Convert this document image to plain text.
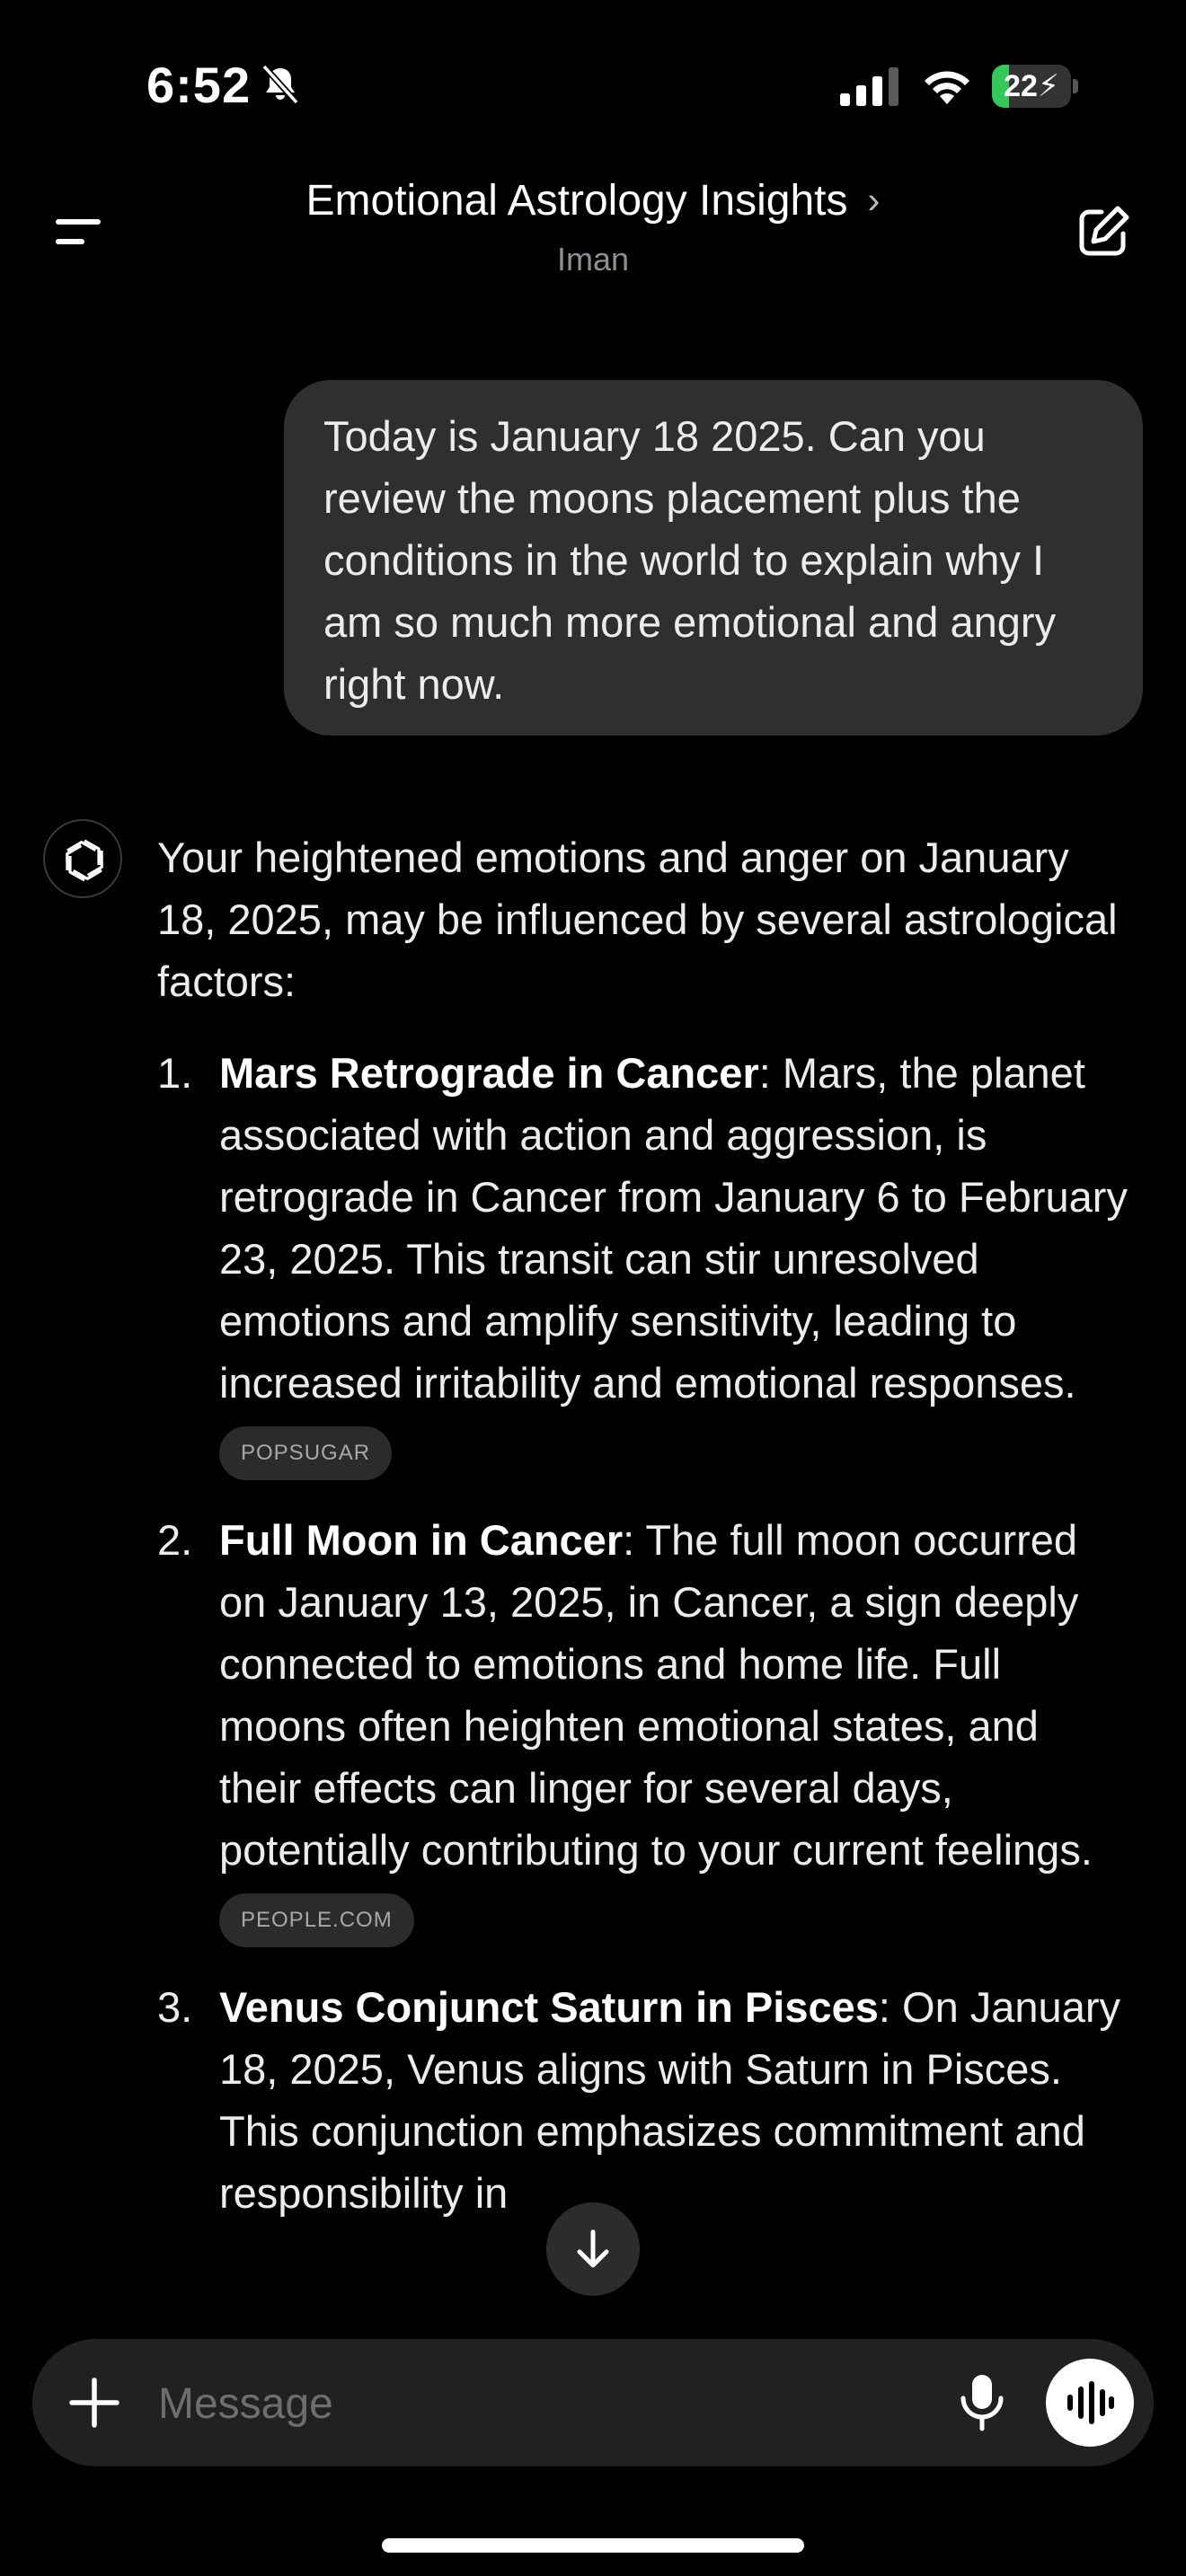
6:52	22⚡
Emotional Astrology Insights ›
Iman
Today is January 18 2025. Can you review the moons placement plus the conditions in the world to explain why I am so much more emotional and angry right now.
Your heightened emotions and anger on January 18, 2025, may be influenced by several astrological factors:
1. Mars Retrograde in Cancer: Mars, the planet associated with action and aggression, is retrograde in Cancer from January 6 to February 23, 2025. This transit can stir unresolved emotions and amplify sensitivity, leading to increased irritability and emotional responses.
POPSUGAR
2. Full Moon in Cancer: The full moon occurred on January 13, 2025, in Cancer, a sign deeply connected to emotions and home life. Full moons often heighten emotional states, and their effects can linger for several days, potentially contributing to your current feelings.
PEOPLE.COM
3. Venus Conjunct Saturn in Pisces: On January 18, 2025, Venus aligns with Saturn in Pisces. This conjunction emphasizes commitment and responsibility in
Message
